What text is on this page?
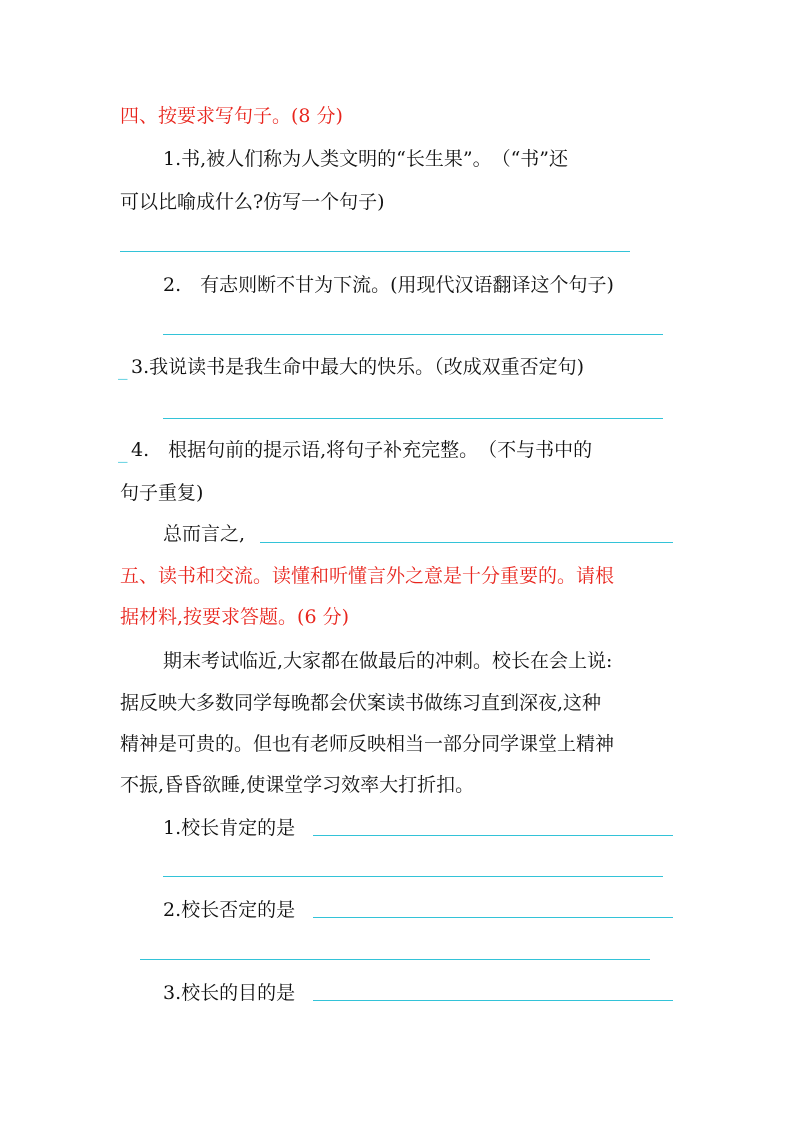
四、按要求写句子。(8 分)
1.书,被人们称为人类文明的“长生果”。　（“书”还
可以比喻成什么?仿写一个句子)
2.　有志则断不甘为下流。(用现代汉语翻译这个句子)
_ 3.我说读书是我生命中最大的快乐。（改成双重否定句)
_ 4.　根据句前的提示语,将句子补充完整。　（不与书中的
句子重复)
总而言之,
五、读书和交流。读懂和听懂言外之意是十分重要的。请根
据材料,按要求答题。(6 分)
期末考试临近,大家都在做最后的冲刺。校长在会上说:
据反映大多数同学每晚都会伏案读书做练习直到深夜,这种
精神是可贵的。但也有老师反映相当一部分同学课堂上精神
不振,昏昏欲睡,使课堂学习效率大打折扣。
1.校长肯定的是
2.校长否定的是
3.校长的目的是
